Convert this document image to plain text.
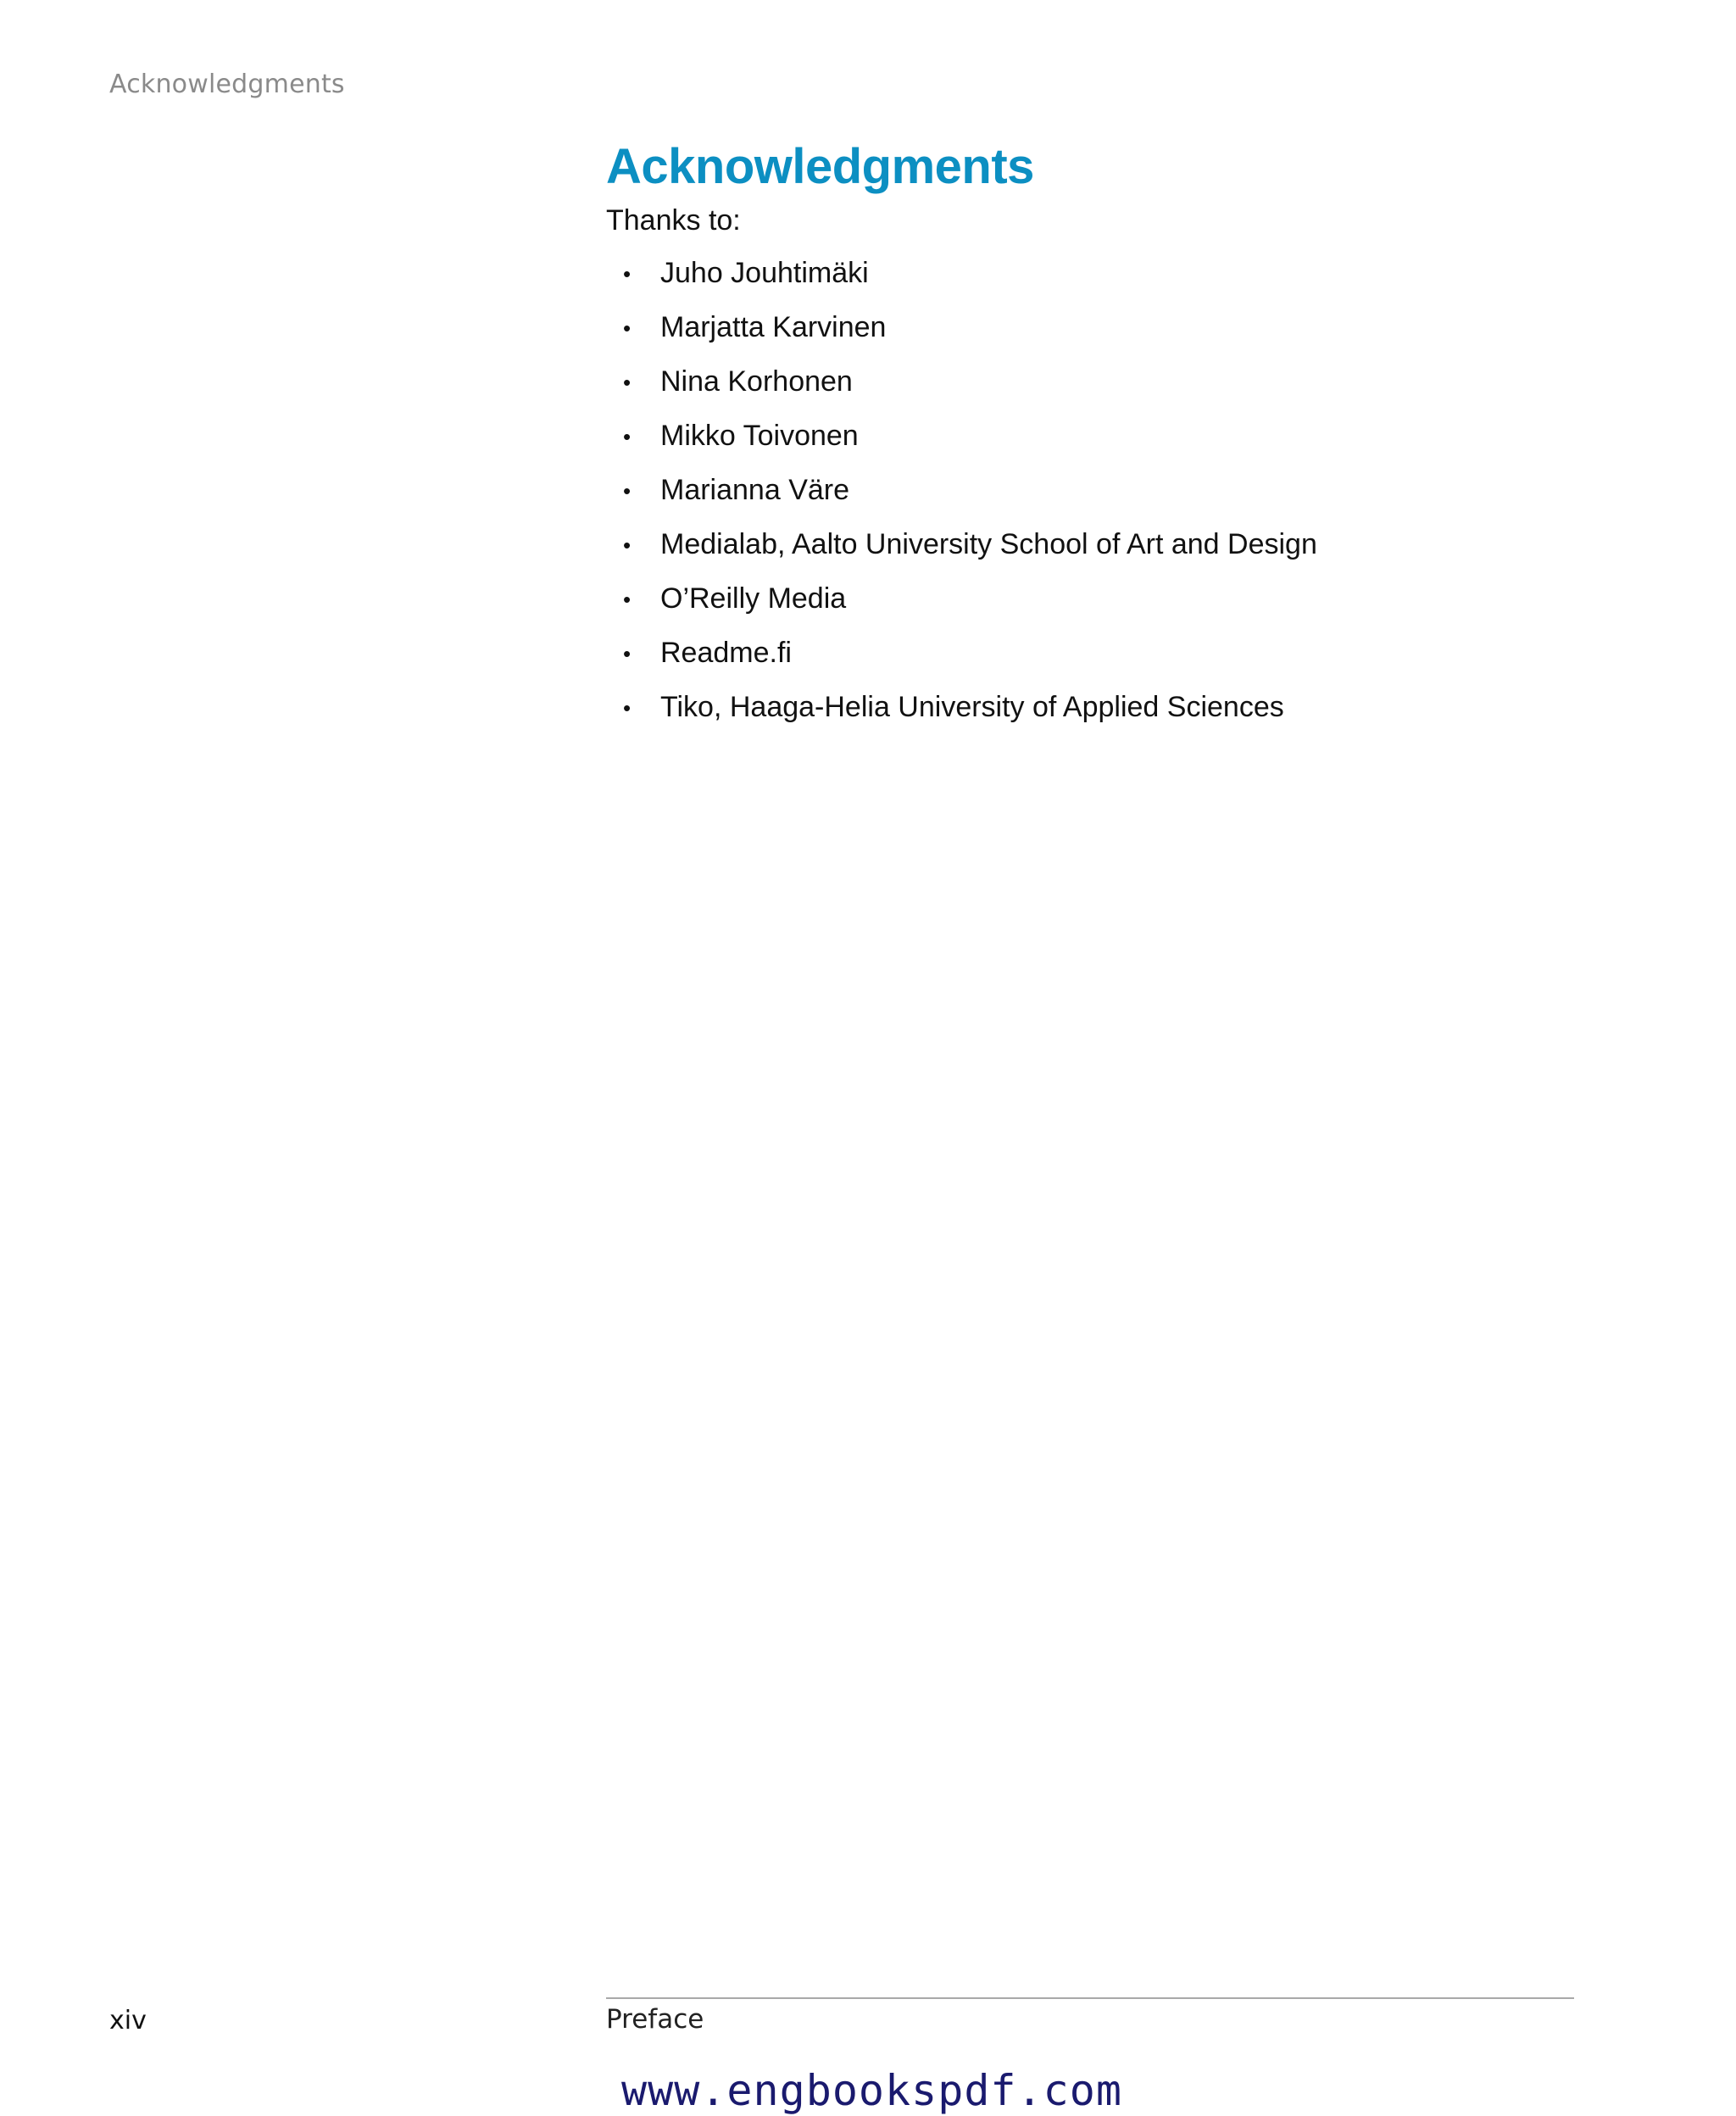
Acknowledgments
Acknowledgments

Thanks to:

• Juho Jouhtimäki
• Marjatta Karvinen
• Nina Korhonen
• Mikko Toivonen
• Marianna Väre
• Medialab, Aalto University School of Art and Design
• O’Reilly Media
• Readme.fi
• Tiko, Haaga-Helia University of Applied Sciences
xiv	Preface
www.engbookspdf.com
